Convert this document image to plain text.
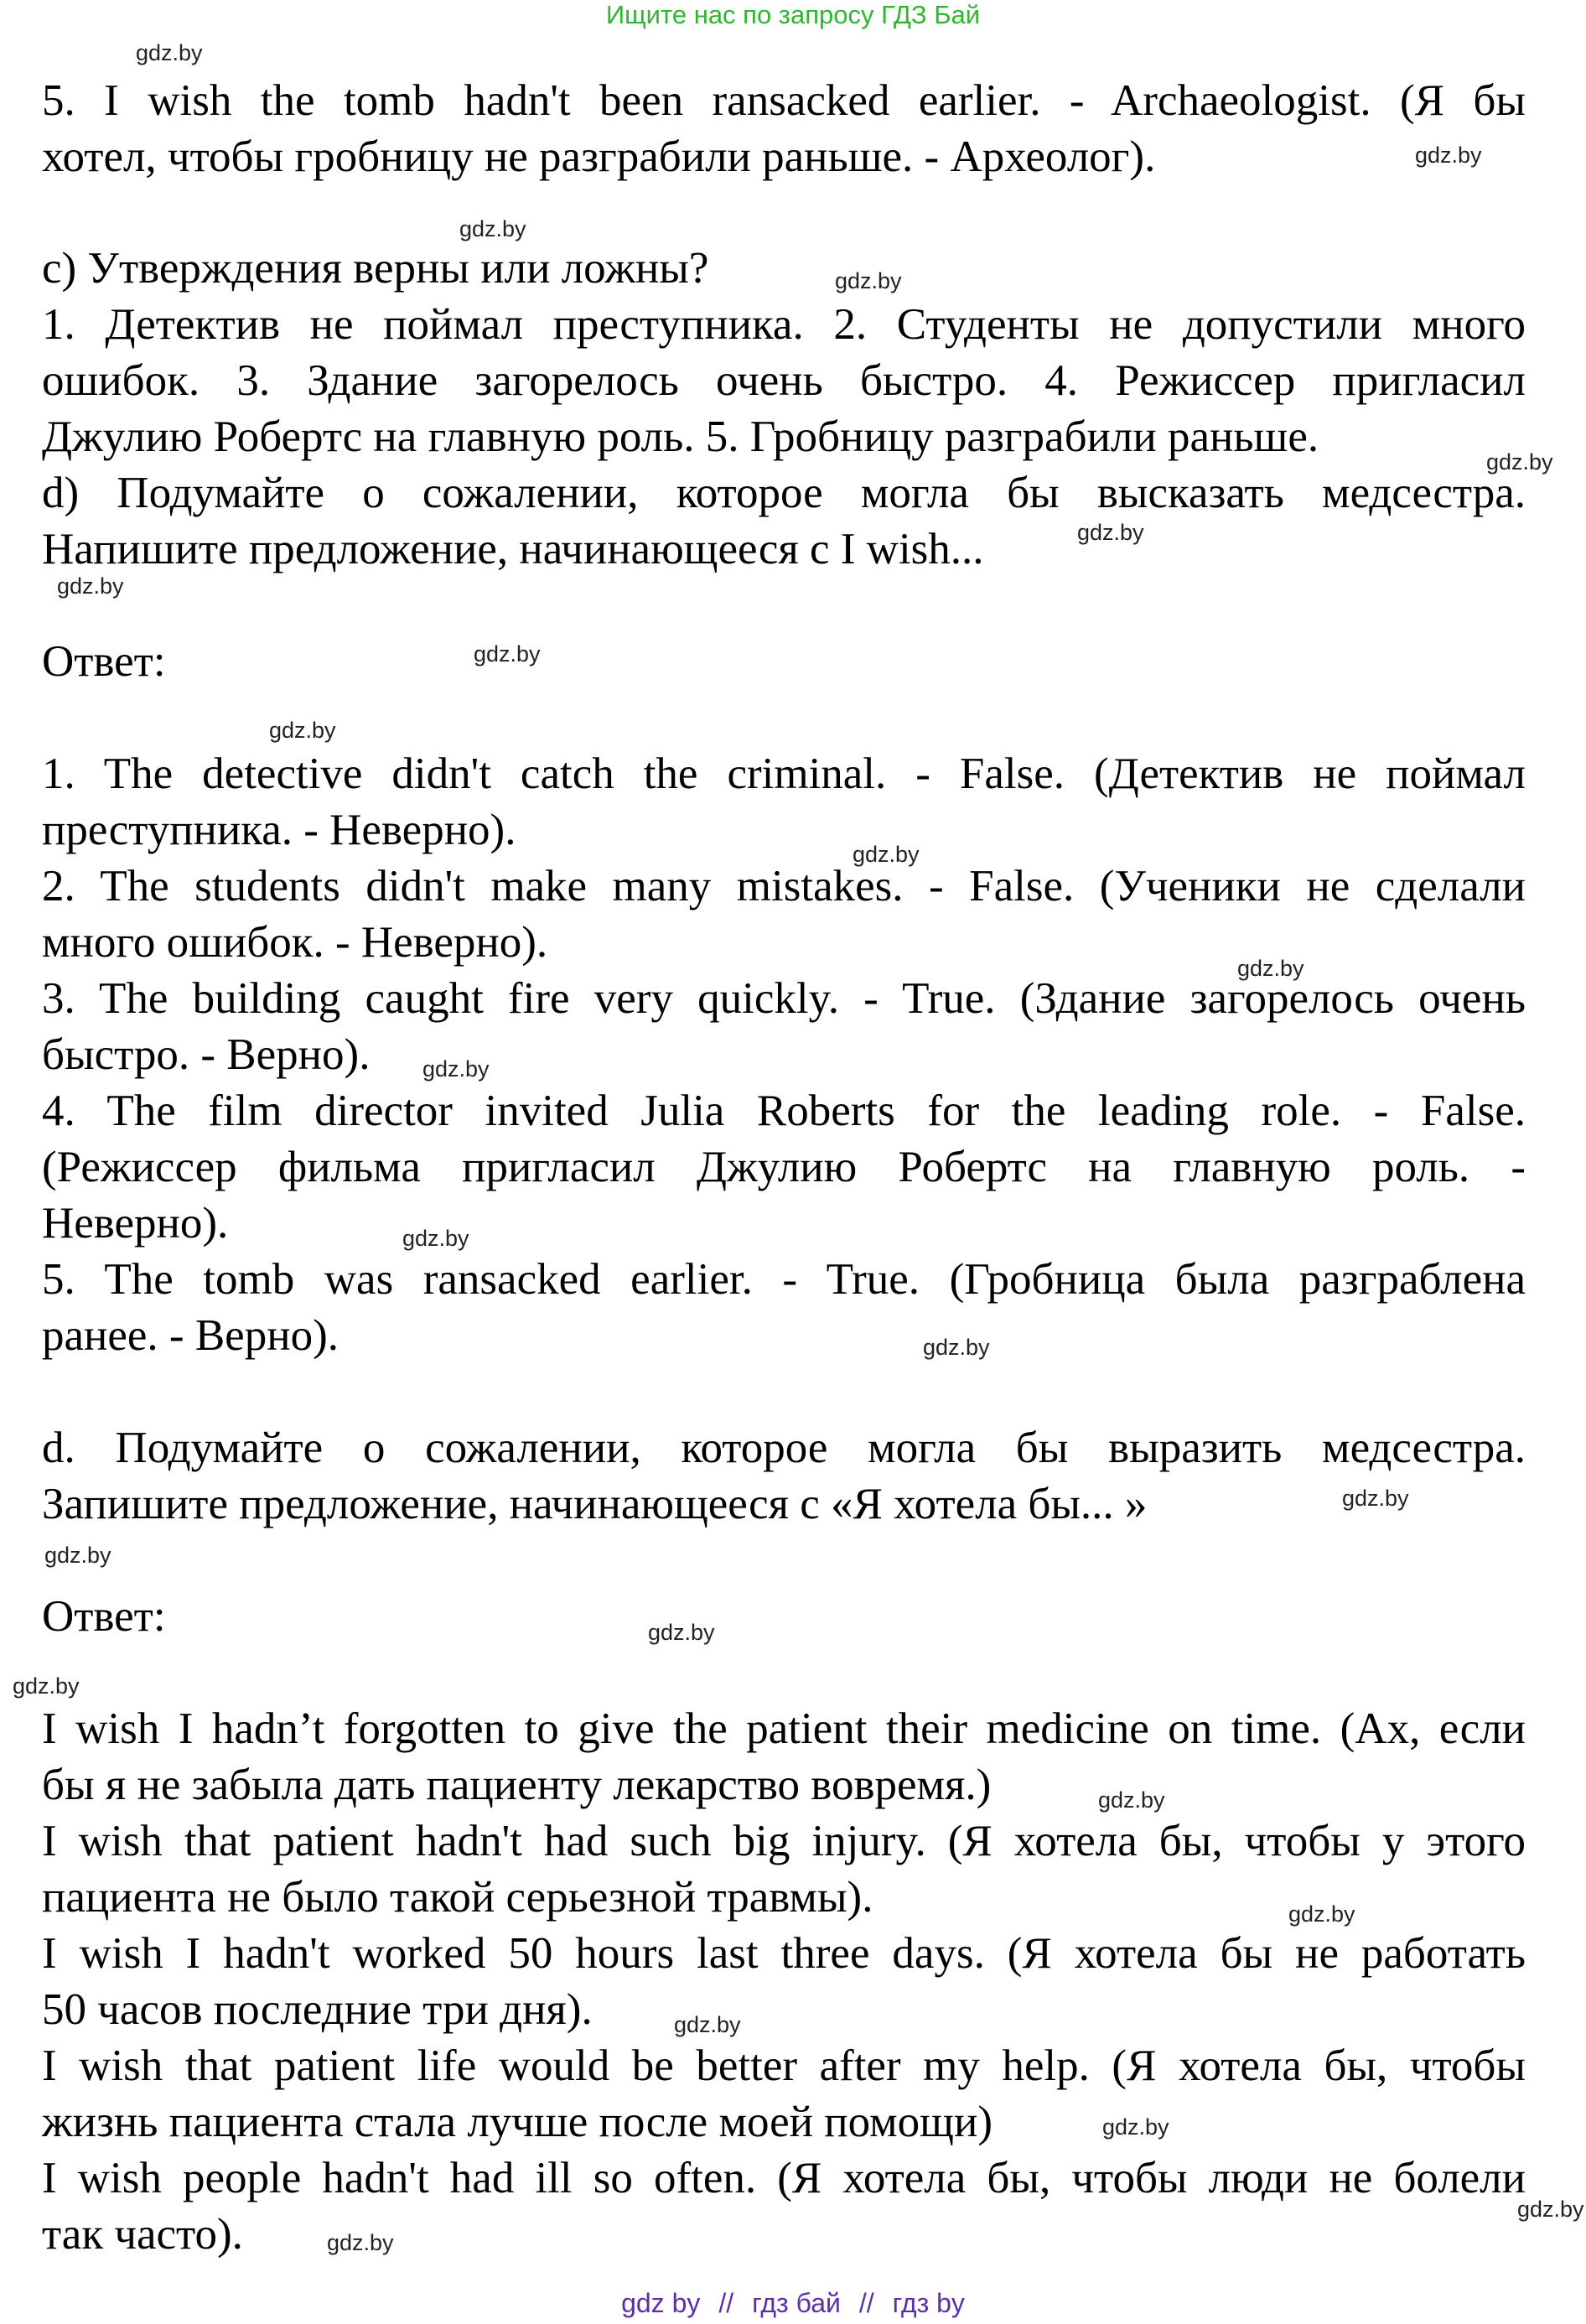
Ищите нас по запросу ГДЗ Бай
5. I wish the tomb hadn't been ransacked earlier. - Archaeologist. (Я бы
хотел, чтобы гробницу не разграбили раньше. - Археолог).
c) Утверждения верны или ложны?
1. Детектив не поймал преступника. 2. Студенты не допустили много
ошибок. 3. Здание загорелось очень быстро. 4. Режиссер пригласил
Джулию Робертс на главную роль. 5. Гробницу разграбили раньше.
d) Подумайте о сожалении, которое могла бы высказать медсестра.
Напишите предложение, начинающееся с I wish...
Ответ:
1. The detective didn't catch the criminal. - False. (Детектив не поймал
преступника. - Неверно).
2. The students didn't make many mistakes. - False. (Ученики не сделали
много ошибок. - Неверно).
3. The building caught fire very quickly. - True. (Здание загорелось очень
быстро. - Верно).
4. The film director invited Julia Roberts for the leading role. - False.
(Режиссер фильма пригласил Джулию Робертс на главную роль. -
Неверно).
5. The tomb was ransacked earlier. - True. (Гробница была разграблена
ранее. - Верно).
d. Подумайте о сожалении, которое могла бы выразить медсестра.
Запишите предложение, начинающееся с «Я хотела бы... »
Ответ:
I wish I hadn’t forgotten to give the patient their medicine on time. (Ах, если
бы я не забыла дать пациенту лекарство вовремя.)
I wish that patient hadn't had such big injury. (Я хотела бы, чтобы у этого
пациента не было такой серьезной травмы).
I wish I hadn't worked 50 hours last three days. (Я хотела бы не работать
50 часов последние три дня).
I wish that patient life would be better after my help. (Я хотела бы, чтобы
жизнь пациента стала лучше после моей помощи)
I wish people hadn't had ill so often. (Я хотела бы, чтобы люди не болели
так часто).
gdz.by
gdz.by
gdz.by
gdz.by
gdz.by
gdz.by
gdz.by
gdz.by
gdz.by
gdz.by
gdz.by
gdz.by
gdz.by
gdz.by
gdz.by
gdz.by
gdz.by
gdz.by
gdz.by
gdz.by
gdz.by
gdz.by
gdz.by
gdz.by
gdz by // гдз бай // гдз by
